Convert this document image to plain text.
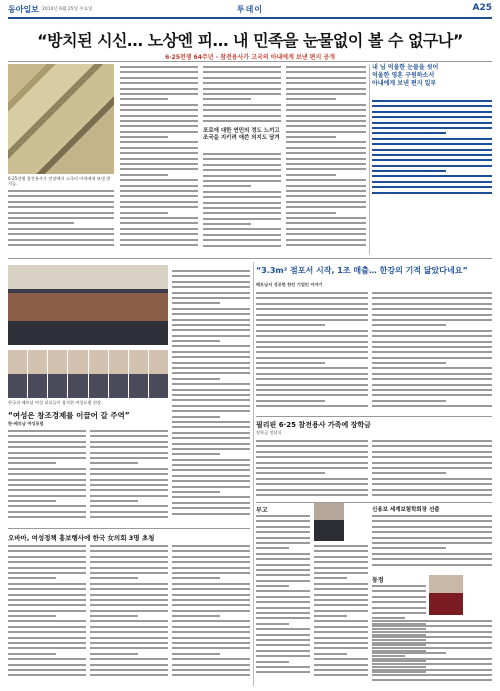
동아일보 2014년 6월 25일 수요일	투데이	A25
“방치된 시신… 노상엔 피… 내 민족을 눈물없이 볼 수 없구나”
6·25전쟁 64주년 - 참전용사가 고국의 아내에게 보낸 편지 공개
6·25전쟁 참전용사가 전장에서 고국의 아내에게 보낸 편지들.
포로에 대한 연민의 정도 느끼고 조국을 지키려 애쓴 의지도 담겨
내 님 억울한 눈물을 씻어
억울한 영혼 구원하소서
아내에게 보낸 편지 일부
한국과 베트남 여성 리더들이 참석한 여성포럼 현장.
“여성은 창조경제를 이끌어 갈 주역”
한-베트남 여성포럼
“3.3m² 점포서 시작, 1조 매출… 한강의 기적 닮았다네요”
베트남서 성공한 한인 기업인 이야기
필리핀 6·25 참전용사 가족에 장학금
장학금 전달식
부고	신용보 세계보험학회장 선출
동정
오바마, 여성정책 홍보행사에 한국 女의회 3명 초청
